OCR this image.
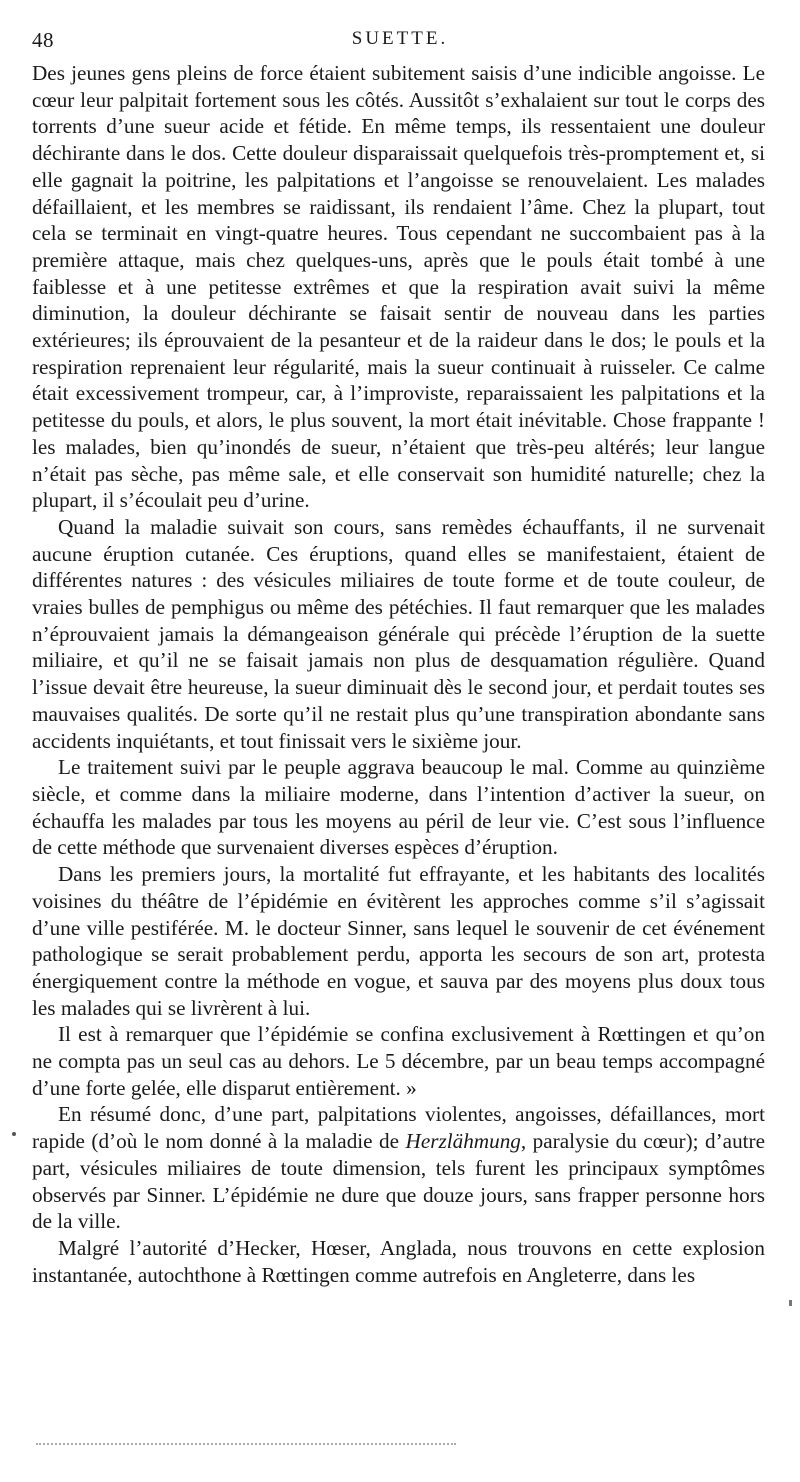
48	SUETTE.

Des jeunes gens pleins de force étaient subitement saisis d’une indicible angoisse. Le cœur leur palpitait fortement sous les côtés. Aussitôt s’exhalaient sur tout le corps des torrents d’une sueur acide et fétide. En même temps, ils ressentaient une douleur déchirante dans le dos. Cette douleur disparaissait quelquefois très-promptement et, si elle gagnait la poitrine, les palpitations et l’angoisse se renouvelaient. Les malades défaillaient, et les membres se raidissant, ils rendaient l’âme. Chez la plupart, tout cela se terminait en vingt-quatre heures. Tous cependant ne succombaient pas à la première attaque, mais chez quelques-uns, après que le pouls était tombé à une faiblesse et à une petitesse extrêmes et que la respiration avait suivi la même diminution, la douleur déchirante se faisait sentir de nouveau dans les parties extérieures; ils éprouvaient de la pesanteur et de la raideur dans le dos; le pouls et la respiration reprenaient leur régularité, mais la sueur continuait à ruisseler. Ce calme était excessivement trompeur, car, à l’improviste, reparaissaient les palpitations et la petitesse du pouls, et alors, le plus souvent, la mort était inévitable. Chose frappante ! les malades, bien qu’inondés de sueur, n’étaient que très-peu altérés; leur langue n’était pas sèche, pas même sale, et elle conservait son humidité naturelle; chez la plupart, il s’écoulait peu d’urine.

Quand la maladie suivait son cours, sans remèdes échauffants, il ne survenait aucune éruption cutanée. Ces éruptions, quand elles se manifestaient, étaient de différentes natures : des vésicules miliaires de toute forme et de toute couleur, de vraies bulles de pemphigus ou même des pétéchies. Il faut remarquer que les malades n’éprouvaient jamais la démangeaison générale qui précède l’éruption de la suette miliaire, et qu’il ne se faisait jamais non plus de desquamation régulière. Quand l’issue devait être heureuse, la sueur diminuait dès le second jour, et perdait toutes ses mauvaises qualités. De sorte qu’il ne restait plus qu’une transpiration abondante sans accidents inquiétants, et tout finissait vers le sixième jour.

Le traitement suivi par le peuple aggrava beaucoup le mal. Comme au quinzième siècle, et comme dans la miliaire moderne, dans l’intention d’activer la sueur, on échauffa les malades par tous les moyens au péril de leur vie. C’est sous l’influence de cette méthode que survenaient diverses espèces d’éruption.

Dans les premiers jours, la mortalité fut effrayante, et les habitants des localités voisines du théâtre de l’épidémie en évitèrent les approches comme s’il s’agissait d’une ville pestiférée. M. le docteur Sinner, sans lequel le souvenir de cet événement pathologique se serait probablement perdu, apporta les secours de son art, protesta énergiquement contre la méthode en vogue, et sauva par des moyens plus doux tous les malades qui se livrèrent à lui.

Il est à remarquer que l’épidémie se confina exclusivement à Rœttingen et qu’on ne compta pas un seul cas au dehors. Le 5 décembre, par un beau temps accompagné d’une forte gelée, elle disparut entièrement. »

En résumé donc, d’une part, palpitations violentes, angoisses, défaillances, mort rapide (d’où le nom donné à la maladie de Herzlähmung, paralysie du cœur); d’autre part, vésicules miliaires de toute dimension, tels furent les principaux symptômes observés par Sinner. L’épidémie ne dure que douze jours, sans frapper personne hors de la ville.

Malgré l’autorité d’Hecker, Hœser, Anglada, nous trouvons en cette explosion instantanée, autochthone à Rœttingen comme autrefois en Angleterre, dans les
